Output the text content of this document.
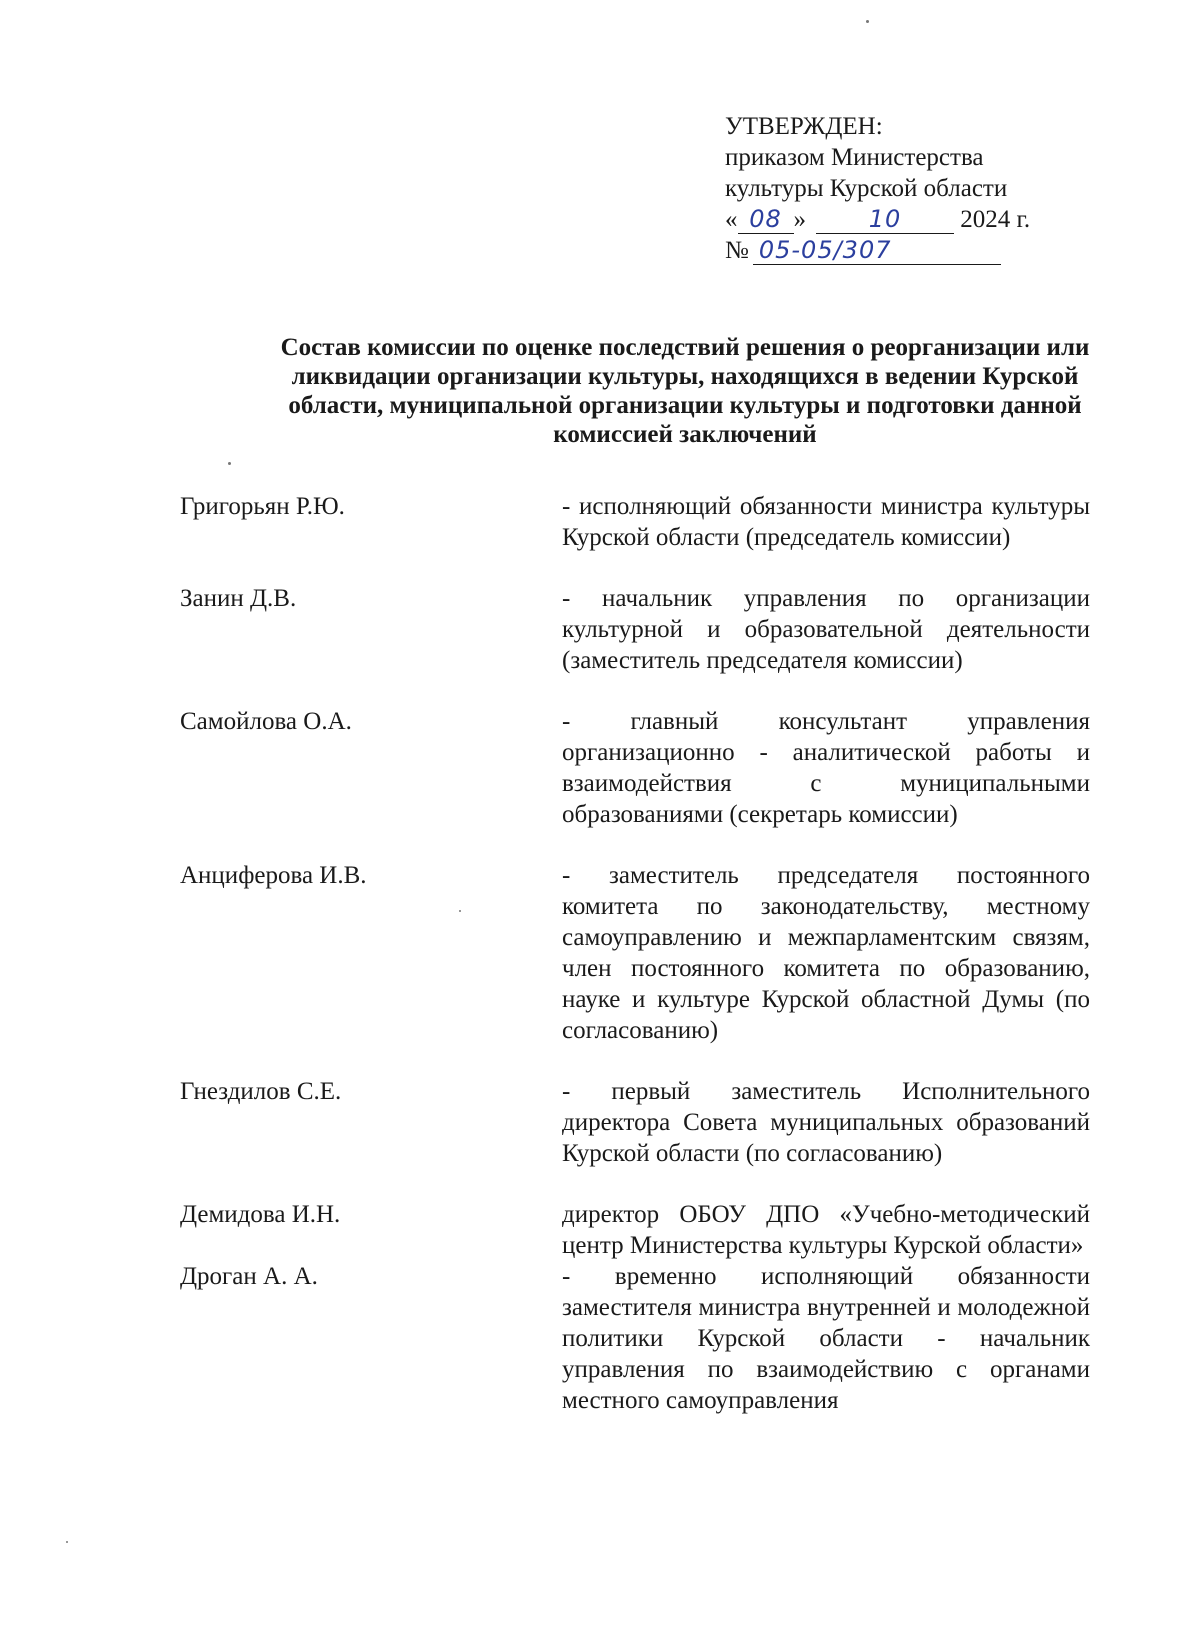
УТВЕРЖДЕН:
приказом Министерства
культуры Курской области
« 08 »	10 2024 г.
№ 05-05/307
Состав комиссии по оценке последствий решения о реорганизации или
ликвидации организации культуры, находящихся в ведении Курской
области, муниципальной организации культуры и подготовки данной
комиссией заключений
Григорьян Р.Ю.	- исполняющий обязанности министра культуры Курской области (председатель комиссии)
Занин Д.В.	- начальник управления по организации культурной и образовательной деятельности (заместитель председателя комиссии)
Самойлова О.А.	- главный консультант управления организационно - аналитической работы и взаимодействия с муниципальными образованиями (секретарь комиссии)
Анциферова И.В.	- заместитель председателя постоянного комитета по законодательству, местному самоуправлению и межпарламентским связям, член постоянного комитета по образованию, науке и культуре Курской областной Думы (по согласованию)
Гнездилов С.Е.	- первый заместитель Исполнительного директора Совета муниципальных образований Курской области (по согласованию)
Демидова И.Н.	директор ОБОУ ДПО «Учебно-методический центр Министерства культуры Курской области»
Дроган А. А.	- временно исполняющий обязанности заместителя министра внутренней и молодежной политики Курской области - начальник управления по взаимодействию с органами местного самоуправления
